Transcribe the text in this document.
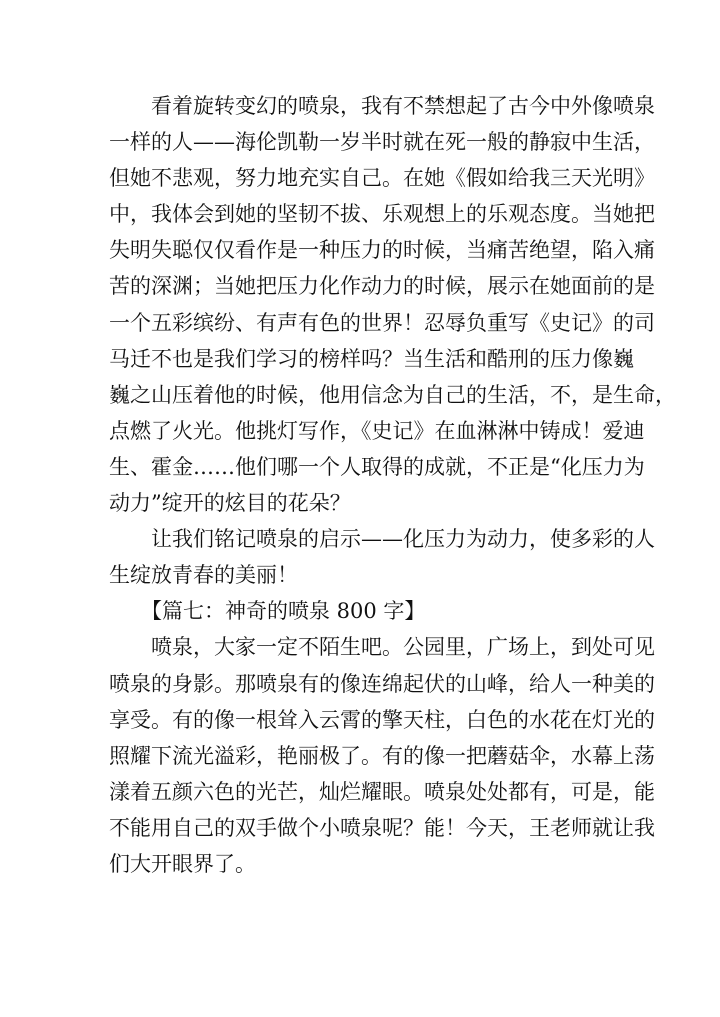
看着旋转变幻的喷泉，我有不禁想起了古今中外像喷泉
一样的人——海伦凯勒一岁半时就在死一般的静寂中生活，
但她不悲观，努力地充实自己。在她《假如给我三天光明》
中，我体会到她的坚韧不拔、乐观想上的乐观态度。当她把
失明失聪仅仅看作是一种压力的时候，当痛苦绝望，陷入痛
苦的深渊；当她把压力化作动力的时候，展示在她面前的是
一个五彩缤纷、有声有色的世界！忍辱负重写《史记》的司
马迁不也是我们学习的榜样吗？当生活和酷刑的压力像巍
巍之山压着他的时候，他用信念为自己的生活，不，是生命，
点燃了火光。他挑灯写作，《史记》在血淋淋中铸成！爱迪
生、霍金……他们哪一个人取得的成就，不正是“化压力为
动力”绽开的炫目的花朵？
让我们铭记喷泉的启示——化压力为动力，使多彩的人
生绽放青春的美丽！
【篇七：神奇的喷泉 800 字】
喷泉，大家一定不陌生吧。公园里，广场上，到处可见
喷泉的身影。那喷泉有的像连绵起伏的山峰，给人一种美的
享受。有的像一根耸入云霄的擎天柱，白色的水花在灯光的
照耀下流光溢彩，艳丽极了。有的像一把蘑菇伞，水幕上荡
漾着五颜六色的光芒，灿烂耀眼。喷泉处处都有，可是，能
不能用自己的双手做个小喷泉呢？能！今天，王老师就让我
们大开眼界了。
